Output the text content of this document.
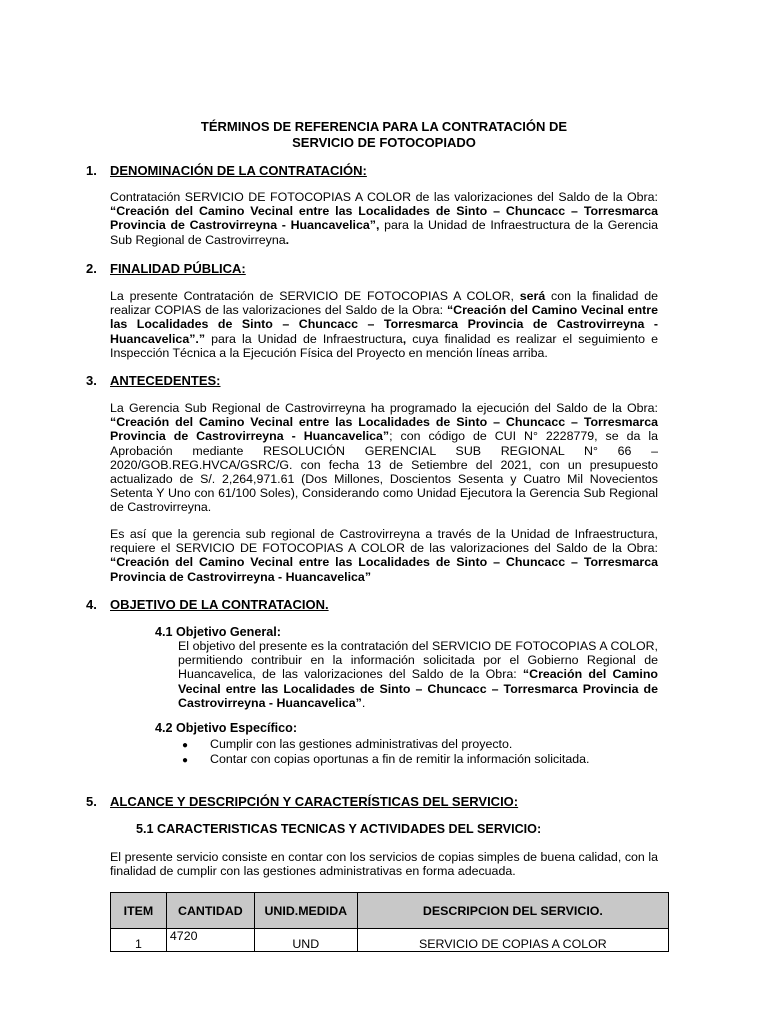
TÉRMINOS DE REFERENCIA PARA LA CONTRATACIÓN DE
SERVICIO DE FOTOCOPIADO
1. DENOMINACIÓN DE LA CONTRATACIÓN:
Contratación SERVICIO DE FOTOCOPIAS A COLOR de las valorizaciones del Saldo de la Obra: “Creación del Camino Vecinal entre las Localidades de Sinto – Chuncacc – Torresmarca Provincia de Castrovirreyna - Huancavelica”, para la Unidad de Infraestructura de la Gerencia Sub Regional de Castrovirreyna.
2. FINALIDAD PÚBLICA:
La presente Contratación de SERVICIO DE FOTOCOPIAS A COLOR, será con la finalidad de realizar COPIAS de las valorizaciones del Saldo de la Obra: “Creación del Camino Vecinal entre las Localidades de Sinto – Chuncacc – Torresmarca Provincia de Castrovirreyna - Huancavelica”.” para la Unidad de Infraestructura, cuya finalidad es realizar el seguimiento e Inspección Técnica a la Ejecución Física del Proyecto en mención líneas arriba.
3. ANTECEDENTES:
La Gerencia Sub Regional de Castrovirreyna ha programado la ejecución del Saldo de la Obra: “Creación del Camino Vecinal entre las Localidades de Sinto – Chuncacc – Torresmarca Provincia de Castrovirreyna - Huancavelica”; con código de CUI N° 2228779, se da la Aprobación mediante RESOLUCIÓN GERENCIAL SUB REGIONAL N° 66 – 2020/GOB.REG.HVCA/GSRC/G. con fecha 13 de Setiembre del 2021, con un presupuesto actualizado de S/. 2,264,971.61 (Dos Millones, Doscientos Sesenta y Cuatro Mil Novecientos Setenta Y Uno con 61/100 Soles), Considerando como Unidad Ejecutora la Gerencia Sub Regional de Castrovirreyna.
Es así que la gerencia sub regional de Castrovirreyna a través de la Unidad de Infraestructura, requiere el SERVICIO DE FOTOCOPIAS A COLOR de las valorizaciones del Saldo de la Obra: “Creación del Camino Vecinal entre las Localidades de Sinto – Chuncacc – Torresmarca Provincia de Castrovirreyna - Huancavelica”
4. OBJETIVO DE LA CONTRATACION.
4.1 Objetivo General:
El objetivo del presente es la contratación del SERVICIO DE FOTOCOPIAS A COLOR, permitiendo contribuir en la información solicitada por el Gobierno Regional de Huancavelica, de las valorizaciones del Saldo de la Obra: “Creación del Camino Vecinal entre las Localidades de Sinto – Chuncacc – Torresmarca Provincia de Castrovirreyna - Huancavelica”.
4.2 Objetivo Específico:
● Cumplir con las gestiones administrativas del proyecto.
● Contar con copias oportunas a fin de remitir la información solicitada.
5. ALCANCE Y DESCRIPCIÓN Y CARACTERÍSTICAS DEL SERVICIO:
5.1 CARACTERISTICAS TECNICAS Y ACTIVIDADES DEL SERVICIO:
El presente servicio consiste en contar con los servicios de copias simples de buena calidad, con la finalidad de cumplir con las gestiones administrativas en forma adecuada.
ITEM	CANTIDAD	UNID.MEDIDA	DESCRIPCION DEL SERVICIO.
1	4720	UND	SERVICIO DE COPIAS A COLOR
